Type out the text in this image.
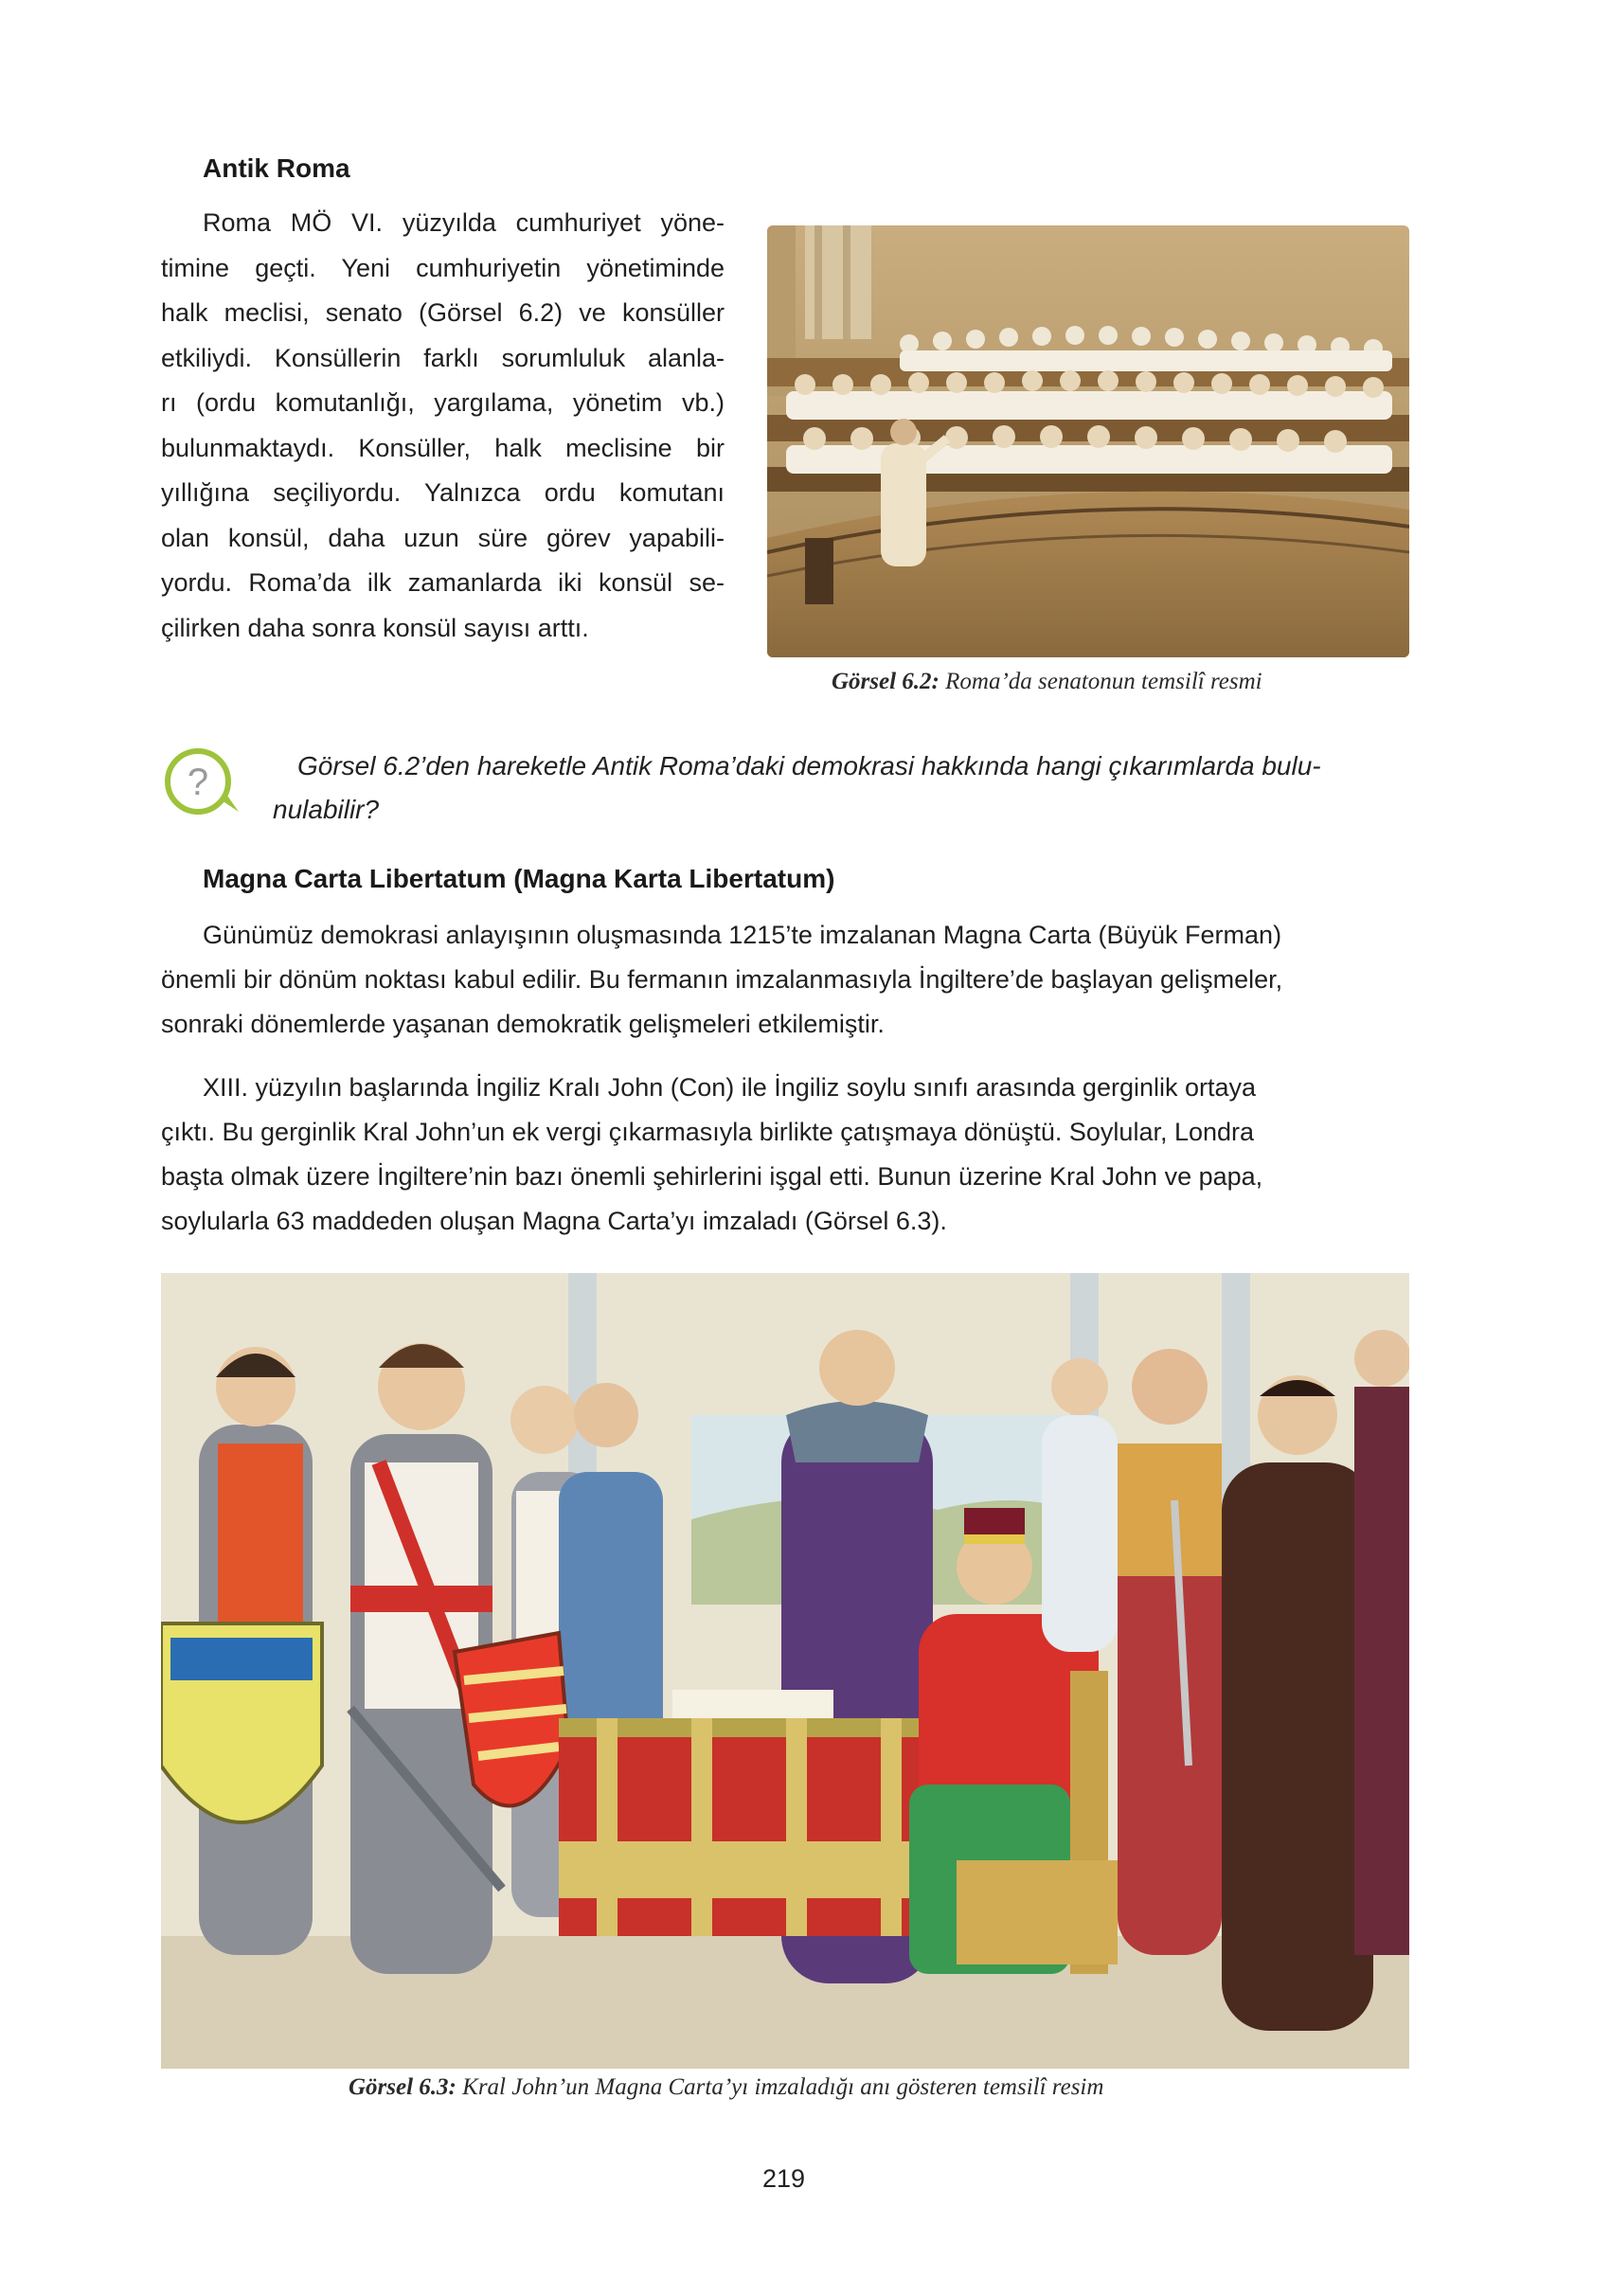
Antik Roma
Roma MÖ VI. yüzyılda cumhuriyet yöne-
timine geçti. Yeni cumhuriyetin yönetiminde
halk meclisi, senato (Görsel 6.2) ve konsüller
etkiliydi. Konsüllerin farklı sorumluluk alanla-
rı (ordu komutanlığı, yargılama, yönetim vb.)
bulunmaktaydı. Konsüller, halk meclisine bir
yıllığına seçiliyordu. Yalnızca ordu komutanı
olan konsül, daha uzun süre görev yapabili-
yordu. Roma’da ilk zamanlarda iki konsül se-
çilirken daha sonra konsül sayısı arttı.
Görsel 6.2: Roma’da senatonun temsilî resmi
?	Görsel 6.2’den hareketle Antik Roma’daki demokrasi hakkında hangi çıkarımlarda bulu-
nulabilir?
Magna Carta Libertatum (Magna Karta Libertatum)
Günümüz demokrasi anlayışının oluşmasında 1215’te imzalanan Magna Carta (Büyük Ferman)
önemli bir dönüm noktası kabul edilir. Bu fermanın imzalanmasıyla İngiltere’de başlayan gelişmeler,
sonraki dönemlerde yaşanan demokratik gelişmeleri etkilemiştir.
XIII. yüzyılın başlarında İngiliz Kralı John (Con) ile İngiliz soylu sınıfı arasında gerginlik ortaya
çıktı. Bu gerginlik Kral John’un ek vergi çıkarmasıyla birlikte çatışmaya dönüştü. Soylular, Londra
başta olmak üzere İngiltere’nin bazı önemli şehirlerini işgal etti. Bunun üzerine Kral John ve papa,
soylularla 63 maddeden oluşan Magna Carta’yı imzaladı (Görsel 6.3).
Görsel 6.3: Kral John’un Magna Carta’yı imzaladığı anı gösteren temsilî resim
219
